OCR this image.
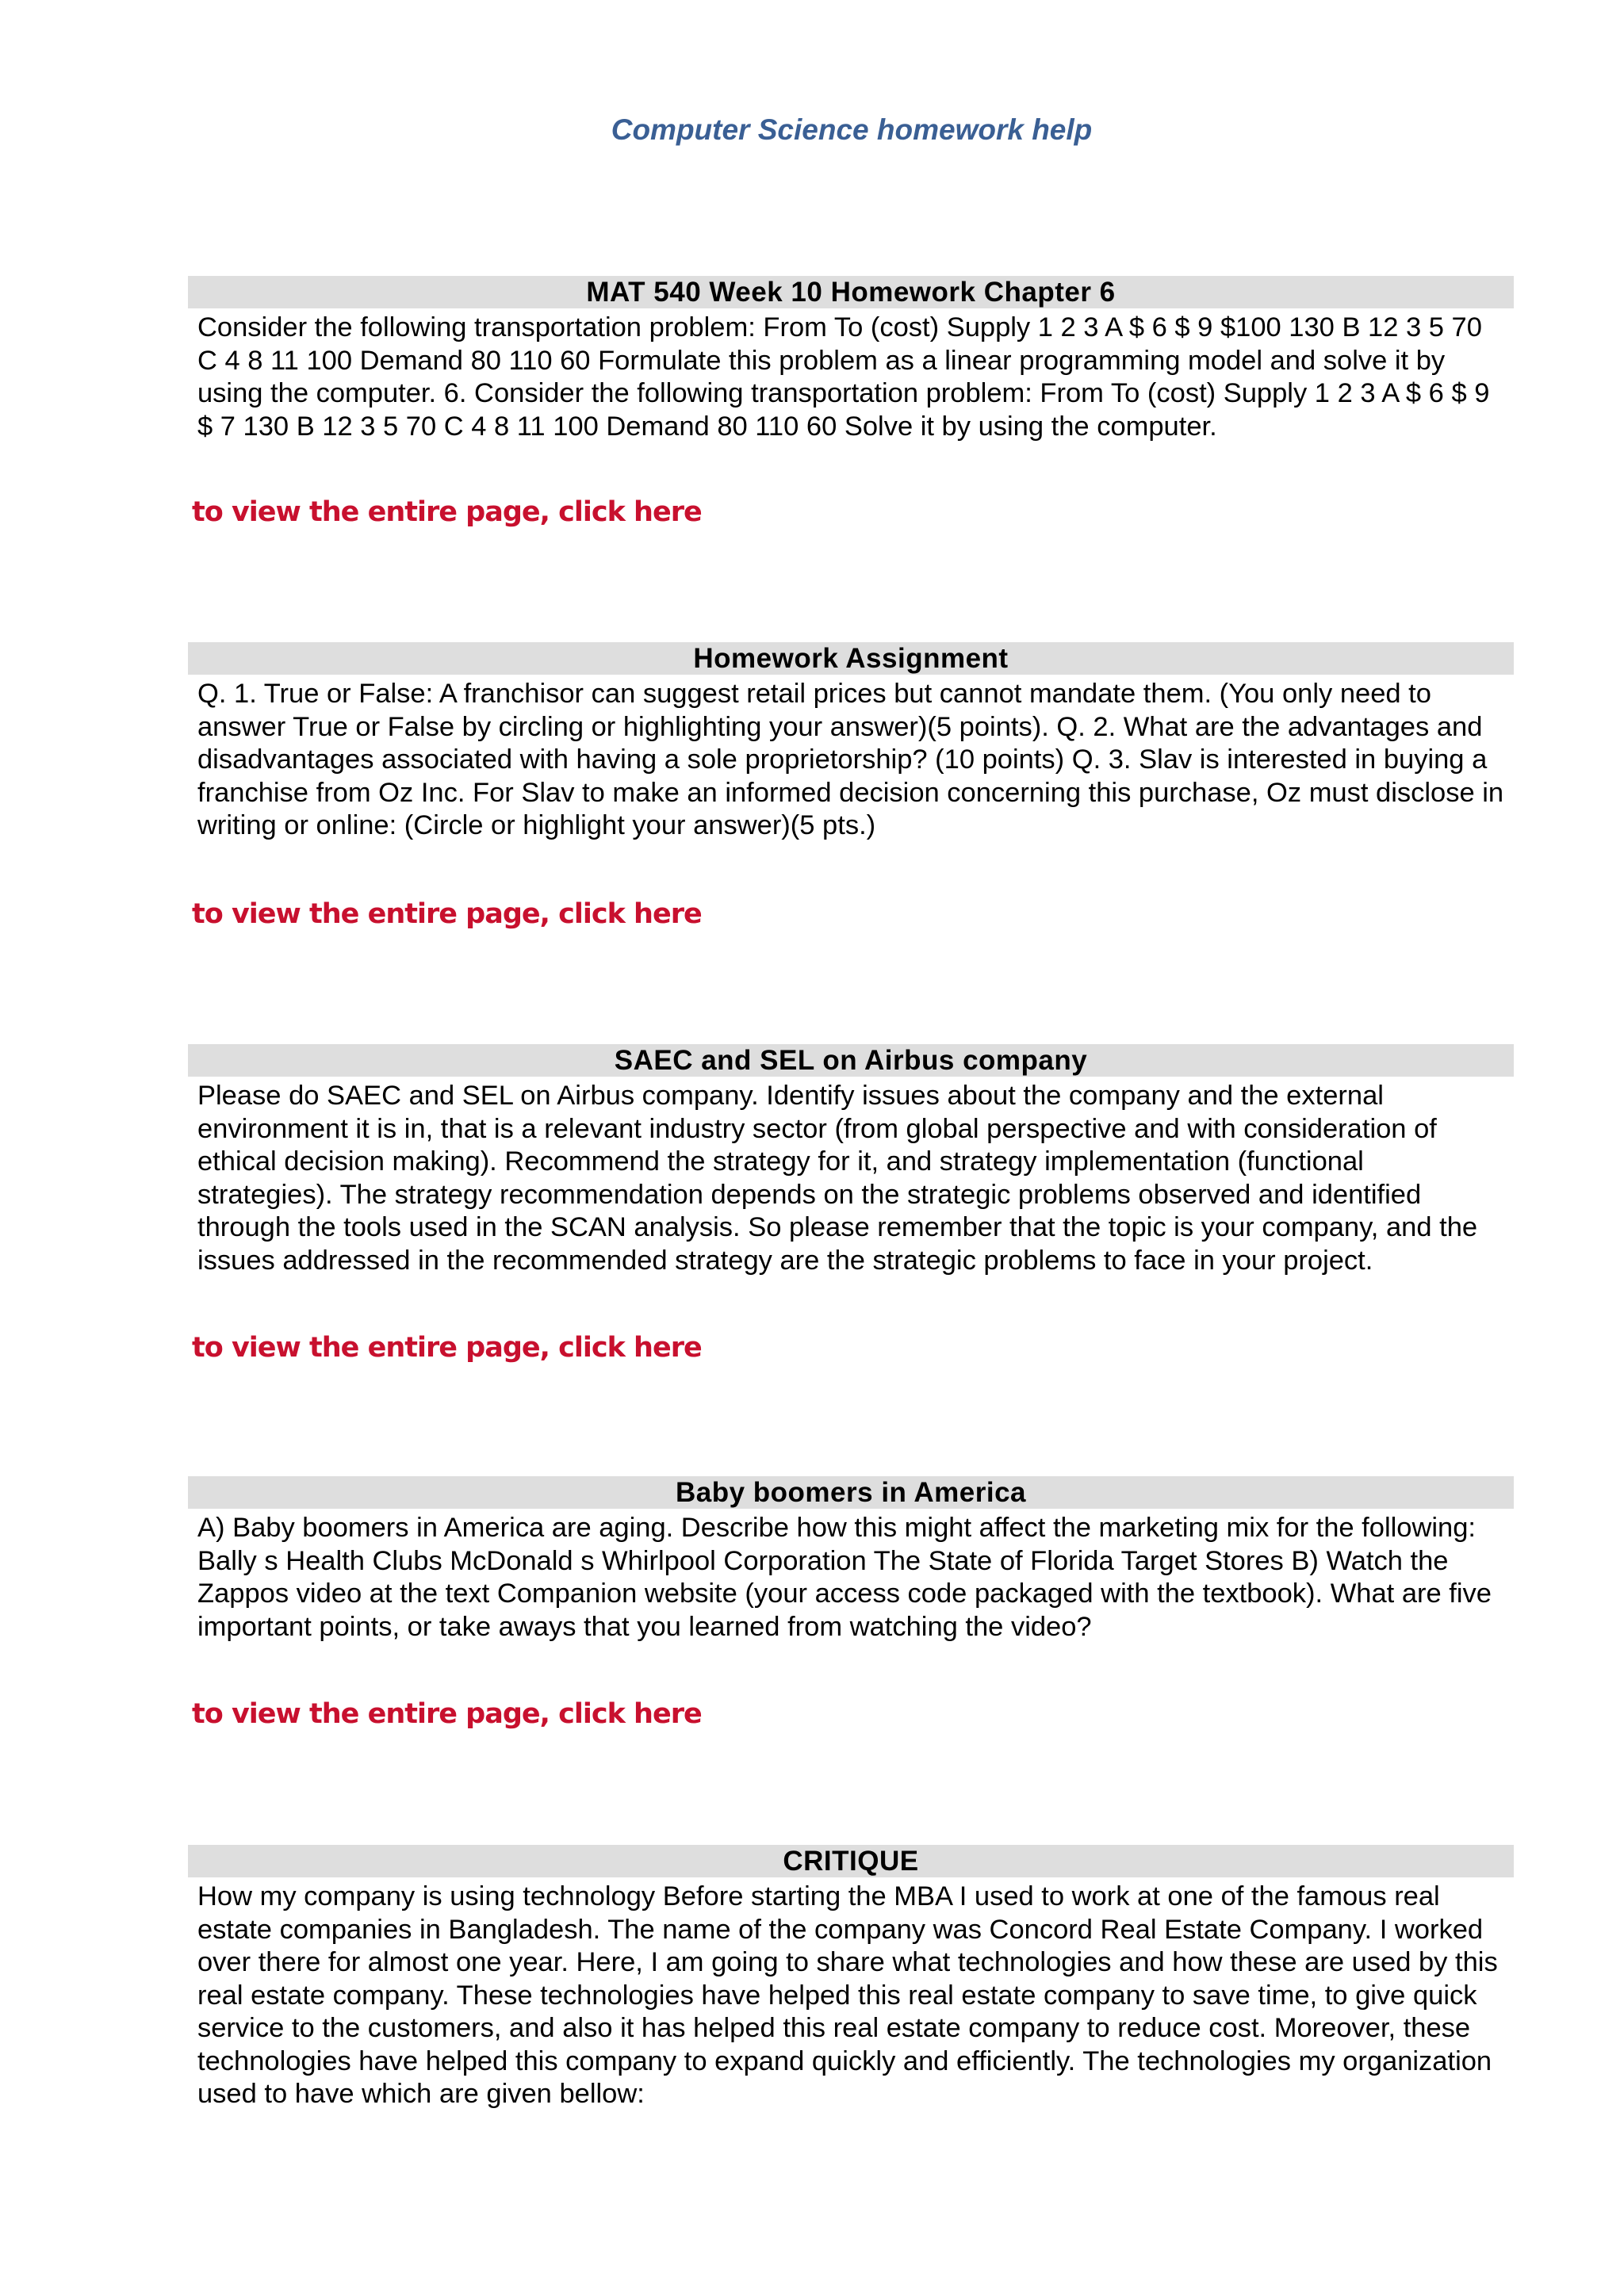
Computer Science homework help
MAT 540 Week 10 Homework Chapter 6
Consider the following transportation problem: From To (cost) Supply 1 2 3 A $ 6 $ 9 $100 130 B 12 3 5 70 C 4 8 11 100 Demand 80 110 60 Formulate this problem as a linear programming model and solve it by using the computer. 6. Consider the following transportation problem: From To (cost) Supply 1 2 3 A $ 6 $ 9 $ 7 130 B 12 3 5 70 C 4 8 11 100 Demand 80 110 60 Solve it by using the computer.
to view the entire page, click here
Homework Assignment
Q. 1. True or False: A franchisor can suggest retail prices but cannot mandate them. (You only need to answer True or False by circling or highlighting your answer)(5 points). Q. 2. What are the advantages and disadvantages associated with having a sole proprietorship? (10 points) Q. 3. Slav is interested in buying a franchise from Oz Inc. For Slav to make an informed decision concerning this purchase, Oz must disclose in writing or online: (Circle or highlight your answer)(5 pts.)
to view the entire page, click here
SAEC and SEL on Airbus company
Please do SAEC and SEL on Airbus company. Identify issues about the company and the external environment it is in, that is a relevant industry sector (from global perspective and with consideration of ethical decision making). Recommend the strategy for it, and strategy implementation (functional strategies). The strategy recommendation depends on the strategic problems observed and identified through the tools used in the SCAN analysis. So please remember that the topic is your company, and the issues addressed in the recommended strategy are the strategic problems to face in your project.
to view the entire page, click here
Baby boomers in America
A) Baby boomers in America are aging. Describe how this might affect the marketing mix for the following: Bally s Health Clubs McDonald s Whirlpool Corporation The State of Florida Target Stores B) Watch the Zappos video at the text Companion website (your access code packaged with the textbook). What are five important points, or take aways that you learned from watching the video?
to view the entire page, click here
CRITIQUE
How my company is using technology Before starting the MBA I used to work at one of the famous real estate companies in Bangladesh. The name of the company was Concord Real Estate Company. I worked over there for almost one year. Here, I am going to share what technologies and how these are used by this real estate company. These technologies have helped this real estate company to save time, to give quick service to the customers, and also it has helped this real estate company to reduce cost. Moreover, these technologies have helped this company to expand quickly and efficiently. The technologies my organization used to have which are given bellow:
